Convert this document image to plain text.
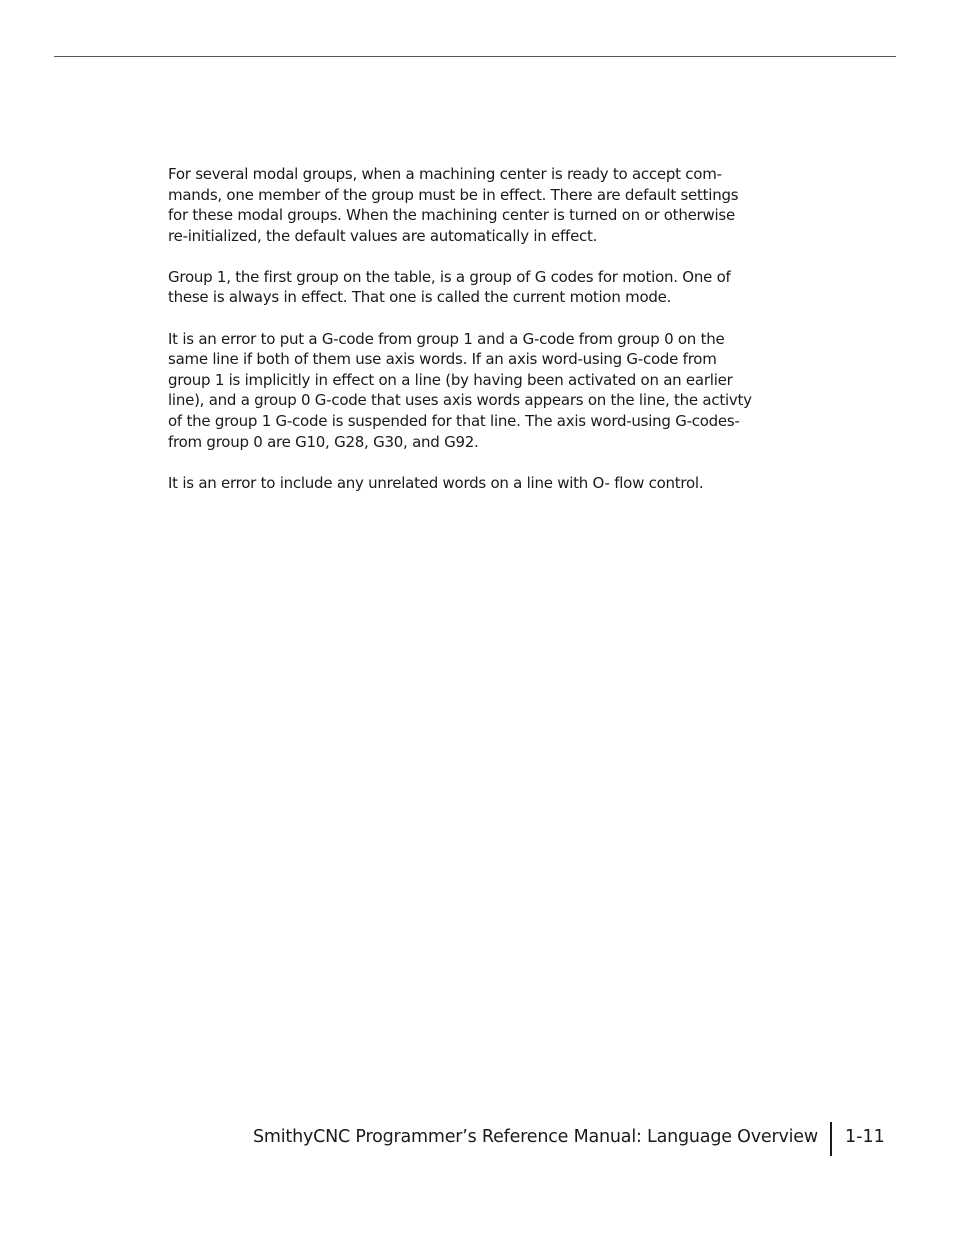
For several modal groups, when a machining center is ready to accept com-
mands, one member of the group must be in effect. There are default settings
for these modal groups. When the machining center is turned on or otherwise
re-initialized, the default values are automatically in effect.

Group 1, the first group on the table, is a group of G codes for motion. One of
these is always in effect. That one is called the current motion mode.

It is an error to put a G-code from group 1 and a G-code from group 0 on the
same line if both of them use axis words. If an axis word-using G-code from
group 1 is implicitly in effect on a line (by having been activated on an earlier
line), and a group 0 G-code that uses axis words appears on the line, the activty
of the group 1 G-code is suspended for that line. The axis word-using G-codes-
from group 0 are G10, G28, G30, and G92.

It is an error to include any unrelated words on a line with O- flow control.

SmithyCNC Programmer’s Reference Manual: Language Overview 1-11
